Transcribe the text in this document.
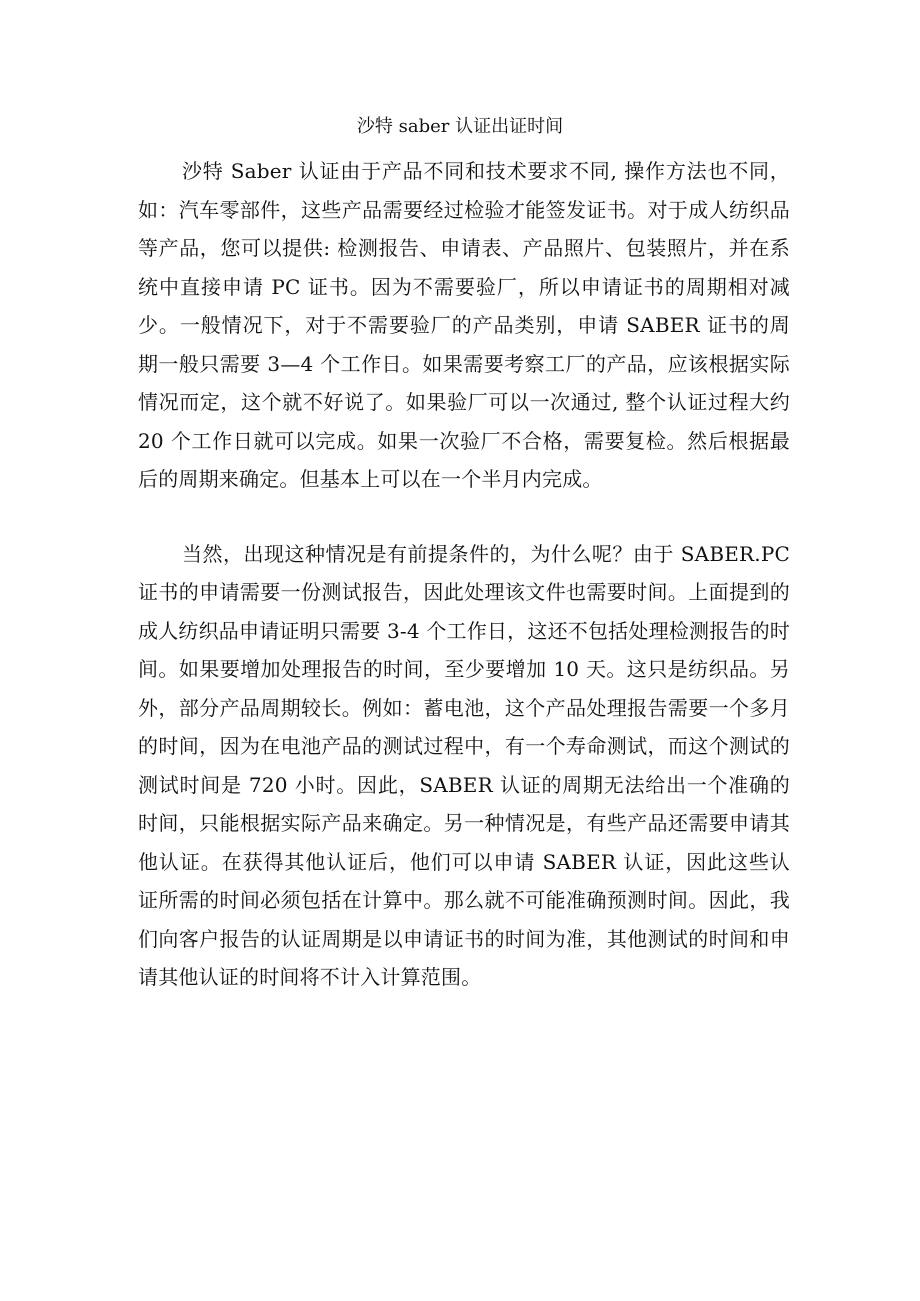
沙特 saber 认证出证时间

沙特 Saber 认证由于产品不同和技术要求不同, 操作方法也不同，如：汽车零部件，这些产品需要经过检验才能签发证书。对于成人纺织品等产品，您可以提供: 检测报告、申请表、产品照片、包装照片，并在系统中直接申请 PC 证书。因为不需要验厂，所以申请证书的周期相对减少。一般情况下，对于不需要验厂的产品类别，申请 SABER 证书的周期一般只需要 3—4 个工作日。如果需要考察工厂的产品，应该根据实际情况而定，这个就不好说了。如果验厂可以一次通过, 整个认证过程大约 20 个工作日就可以完成。如果一次验厂不合格，需要复检。然后根据最后的周期来确定。但基本上可以在一个半月内完成。

当然，出现这种情况是有前提条件的，为什么呢？由于 SABER.PC 证书的申请需要一份测试报告，因此处理该文件也需要时间。上面提到的成人纺织品申请证明只需要 3-4 个工作日，这还不包括处理检测报告的时间。如果要增加处理报告的时间，至少要增加 10 天。这只是纺织品。另外，部分产品周期较长。例如：蓄电池，这个产品处理报告需要一个多月的时间，因为在电池产品的测试过程中，有一个寿命测试，而这个测试的测试时间是 720 小时。因此，SABER 认证的周期无法给出一个准确的时间，只能根据实际产品来确定。另一种情况是，有些产品还需要申请其他认证。在获得其他认证后，他们可以申请 SABER 认证，因此这些认证所需的时间必须包括在计算中。那么就不可能准确预测时间。因此，我们向客户报告的认证周期是以申请证书的时间为准，其他测试的时间和申请其他认证的时间将不计入计算范围。
